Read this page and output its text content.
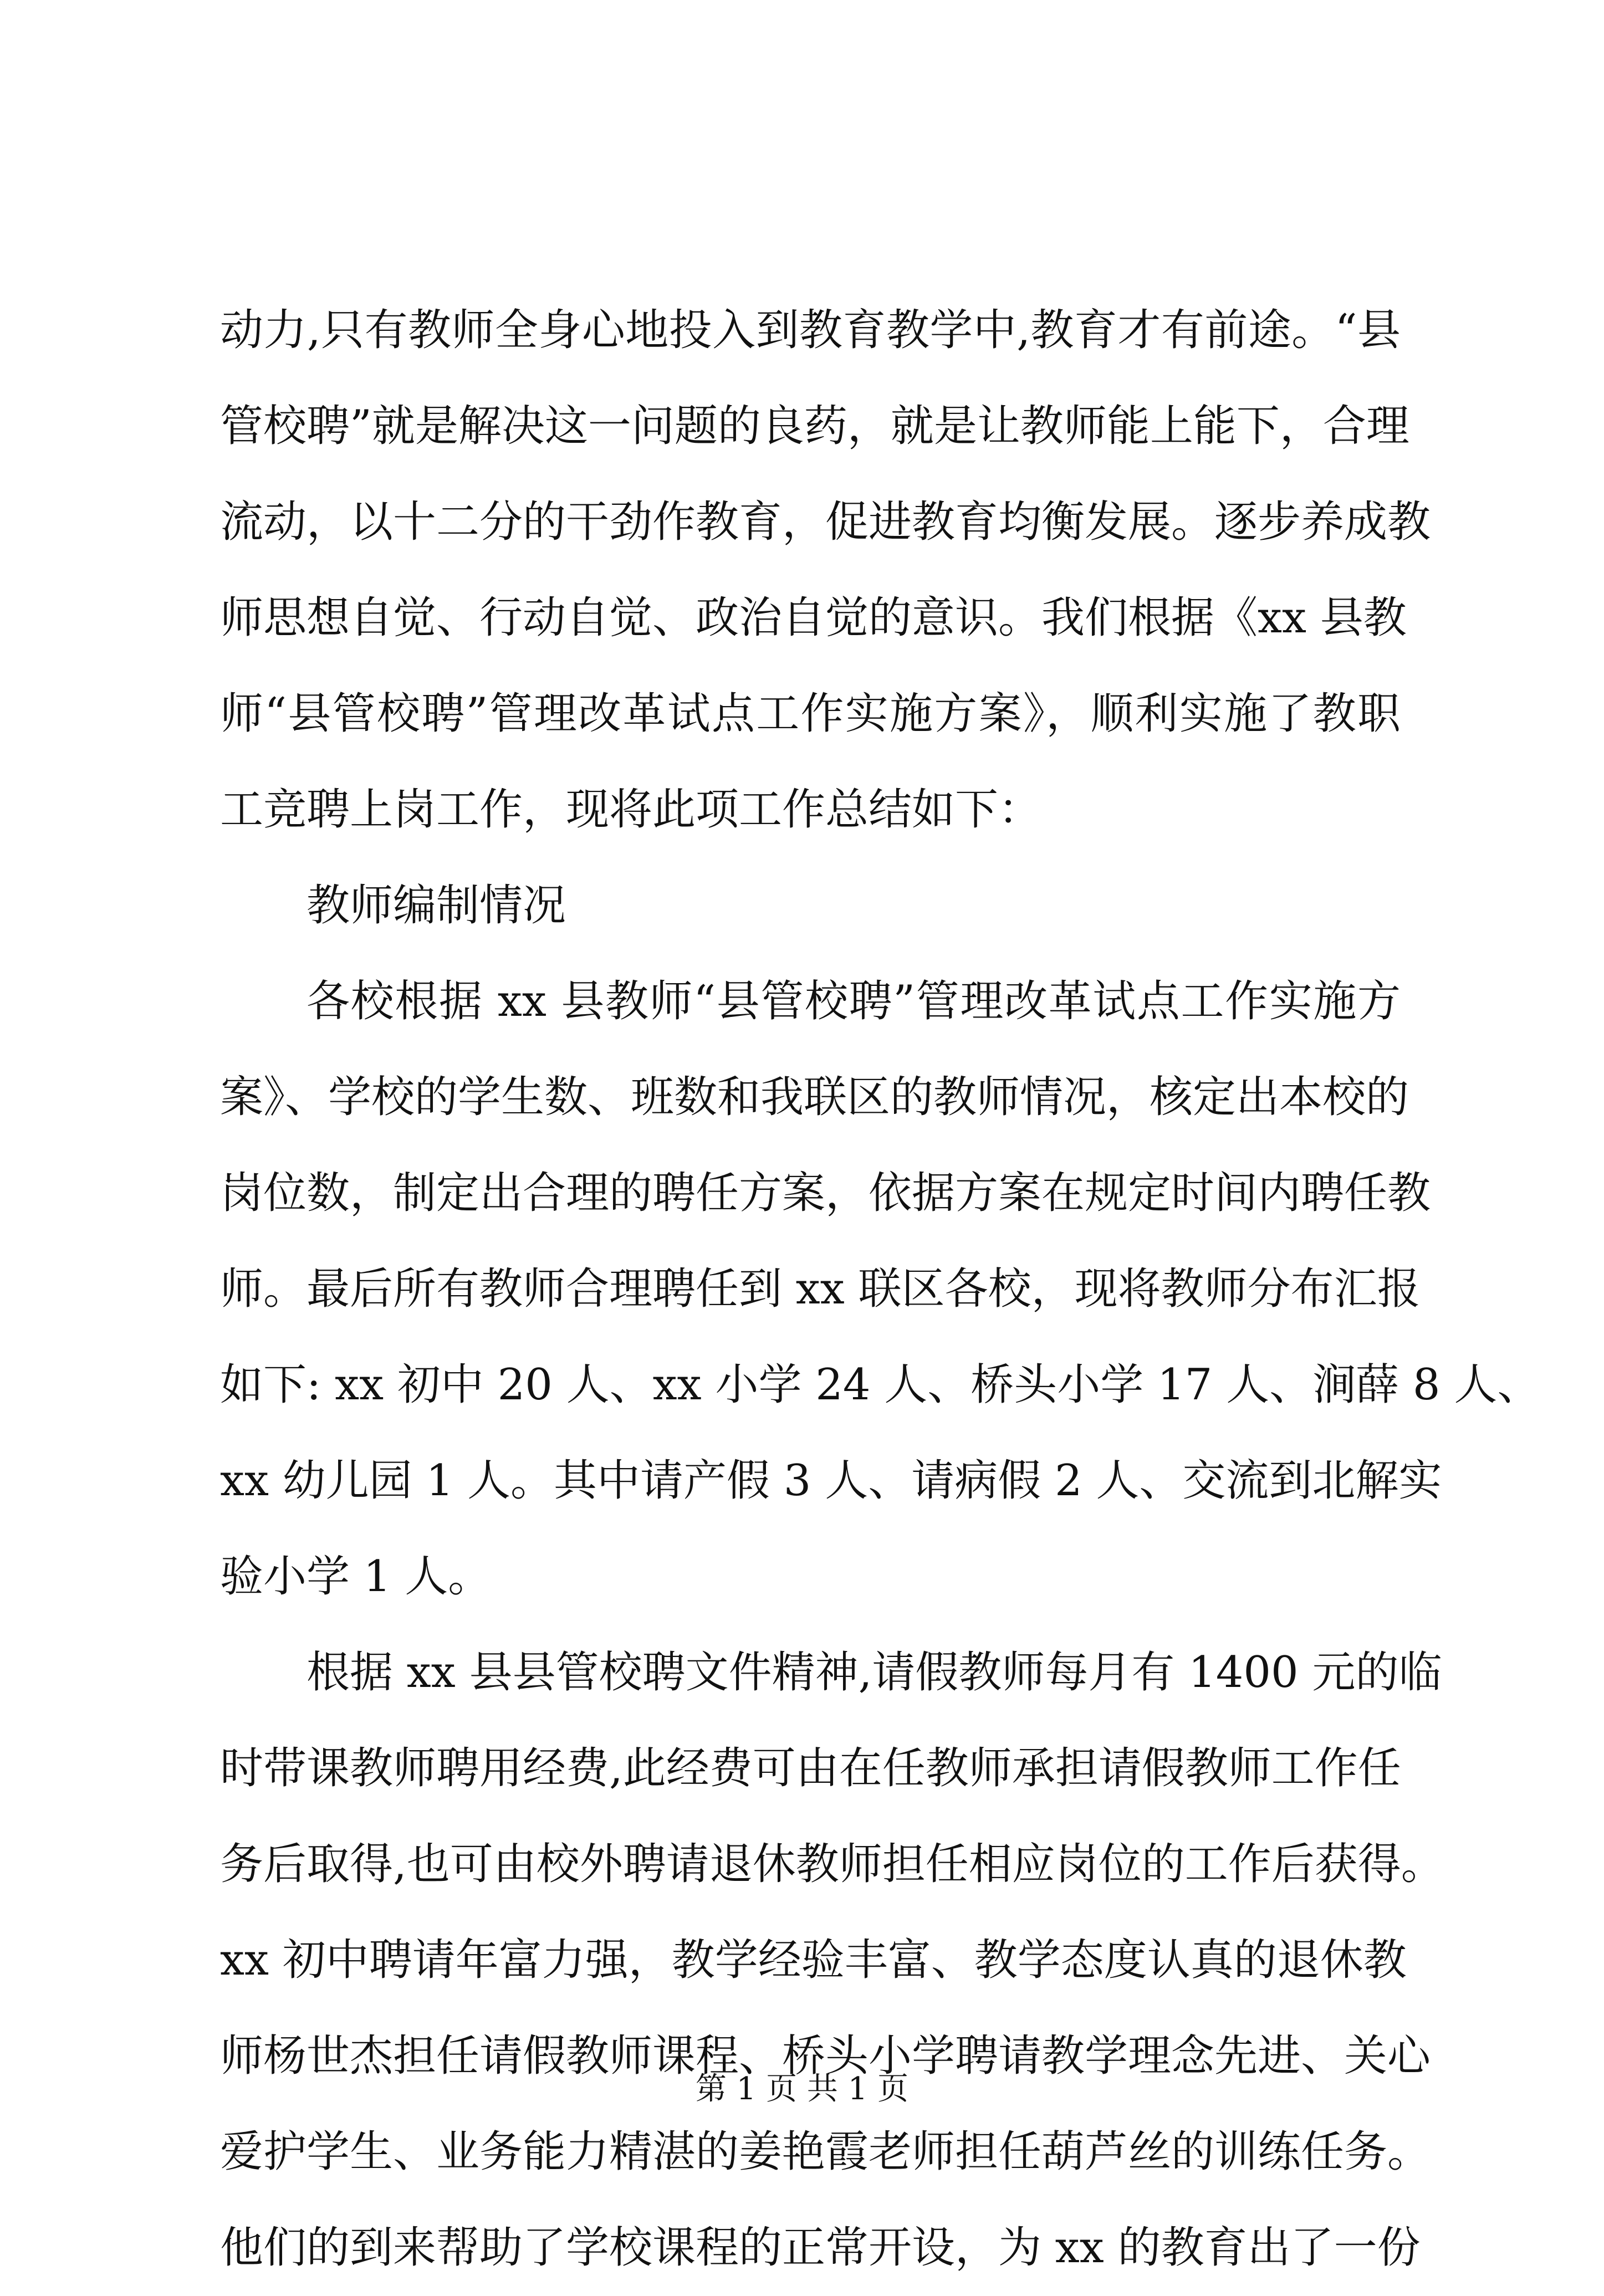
动力,只有教师全身心地投入到教育教学中,教育才有前途。“县
管校聘”就是解决这一问题的良药，就是让教师能上能下，合理
流动，以十二分的干劲作教育，促进教育均衡发展。逐步养成教
师思想自觉、行动自觉、政治自觉的意识。我们根据《xx 县教
师“县管校聘”管理改革试点工作实施方案》，顺利实施了教职
工竞聘上岗工作，现将此项工作总结如下：
教师编制情况
各校根据 xx 县教师“县管校聘”管理改革试点工作实施方
案》、学校的学生数、班数和我联区的教师情况，核定出本校的
岗位数，制定出合理的聘任方案，依据方案在规定时间内聘任教
师。最后所有教师合理聘任到 xx 联区各校，现将教师分布汇报
如下: xx 初中 20 人、xx 小学 24 人、桥头小学 17 人、涧薛 8 人、
xx 幼儿园 1 人。其中请产假 3 人、请病假 2 人、交流到北解实
验小学 1 人。
根据 xx 县县管校聘文件精神,请假教师每月有 1400 元的临
时带课教师聘用经费,此经费可由在任教师承担请假教师工作任
务后取得,也可由校外聘请退休教师担任相应岗位的工作后获得。
xx 初中聘请年富力强，教学经验丰富、教学态度认真的退休教
师杨世杰担任请假教师课程、桥头小学聘请教学理念先进、关心
爱护学生、业务能力精湛的姜艳霞老师担任葫芦丝的训练任务。
他们的到来帮助了学校课程的正常开设，为 xx 的教育出了一份
第 1 页 共 1 页
